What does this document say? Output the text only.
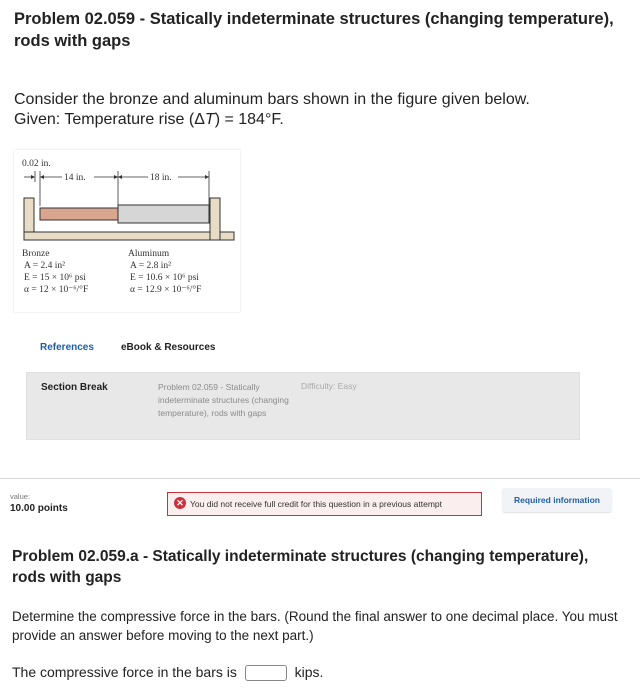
Problem 02.059 - Statically indeterminate structures (changing temperature), rods with gaps
Consider the bronze and aluminum bars shown in the figure given below.
Given: Temperature rise (ΔT) = 184°F.
0.02 in.
14 in.	18 in.
Bronze
A = 2.4 in²
E = 15 × 10⁶ psi
α = 12 × 10⁻⁶/°F
Aluminum
A = 2.8 in²
E = 10.6 × 10⁶ psi
α = 12.9 × 10⁻⁶/°F
References	eBook & Resources
Section Break	Problem 02.059 - Statically indeterminate structures (changing temperature), rods with gaps
Difficulty: Easy
value:
10.00 points	✕ You did not receive full credit for this question in a previous attempt	Required information
Problem 02.059.a - Statically indeterminate structures (changing temperature), rods with gaps
Determine the compressive force in the bars. (Round the final answer to one decimal place. You must provide an answer before moving to the next part.)
The compressive force in the bars is	kips.
